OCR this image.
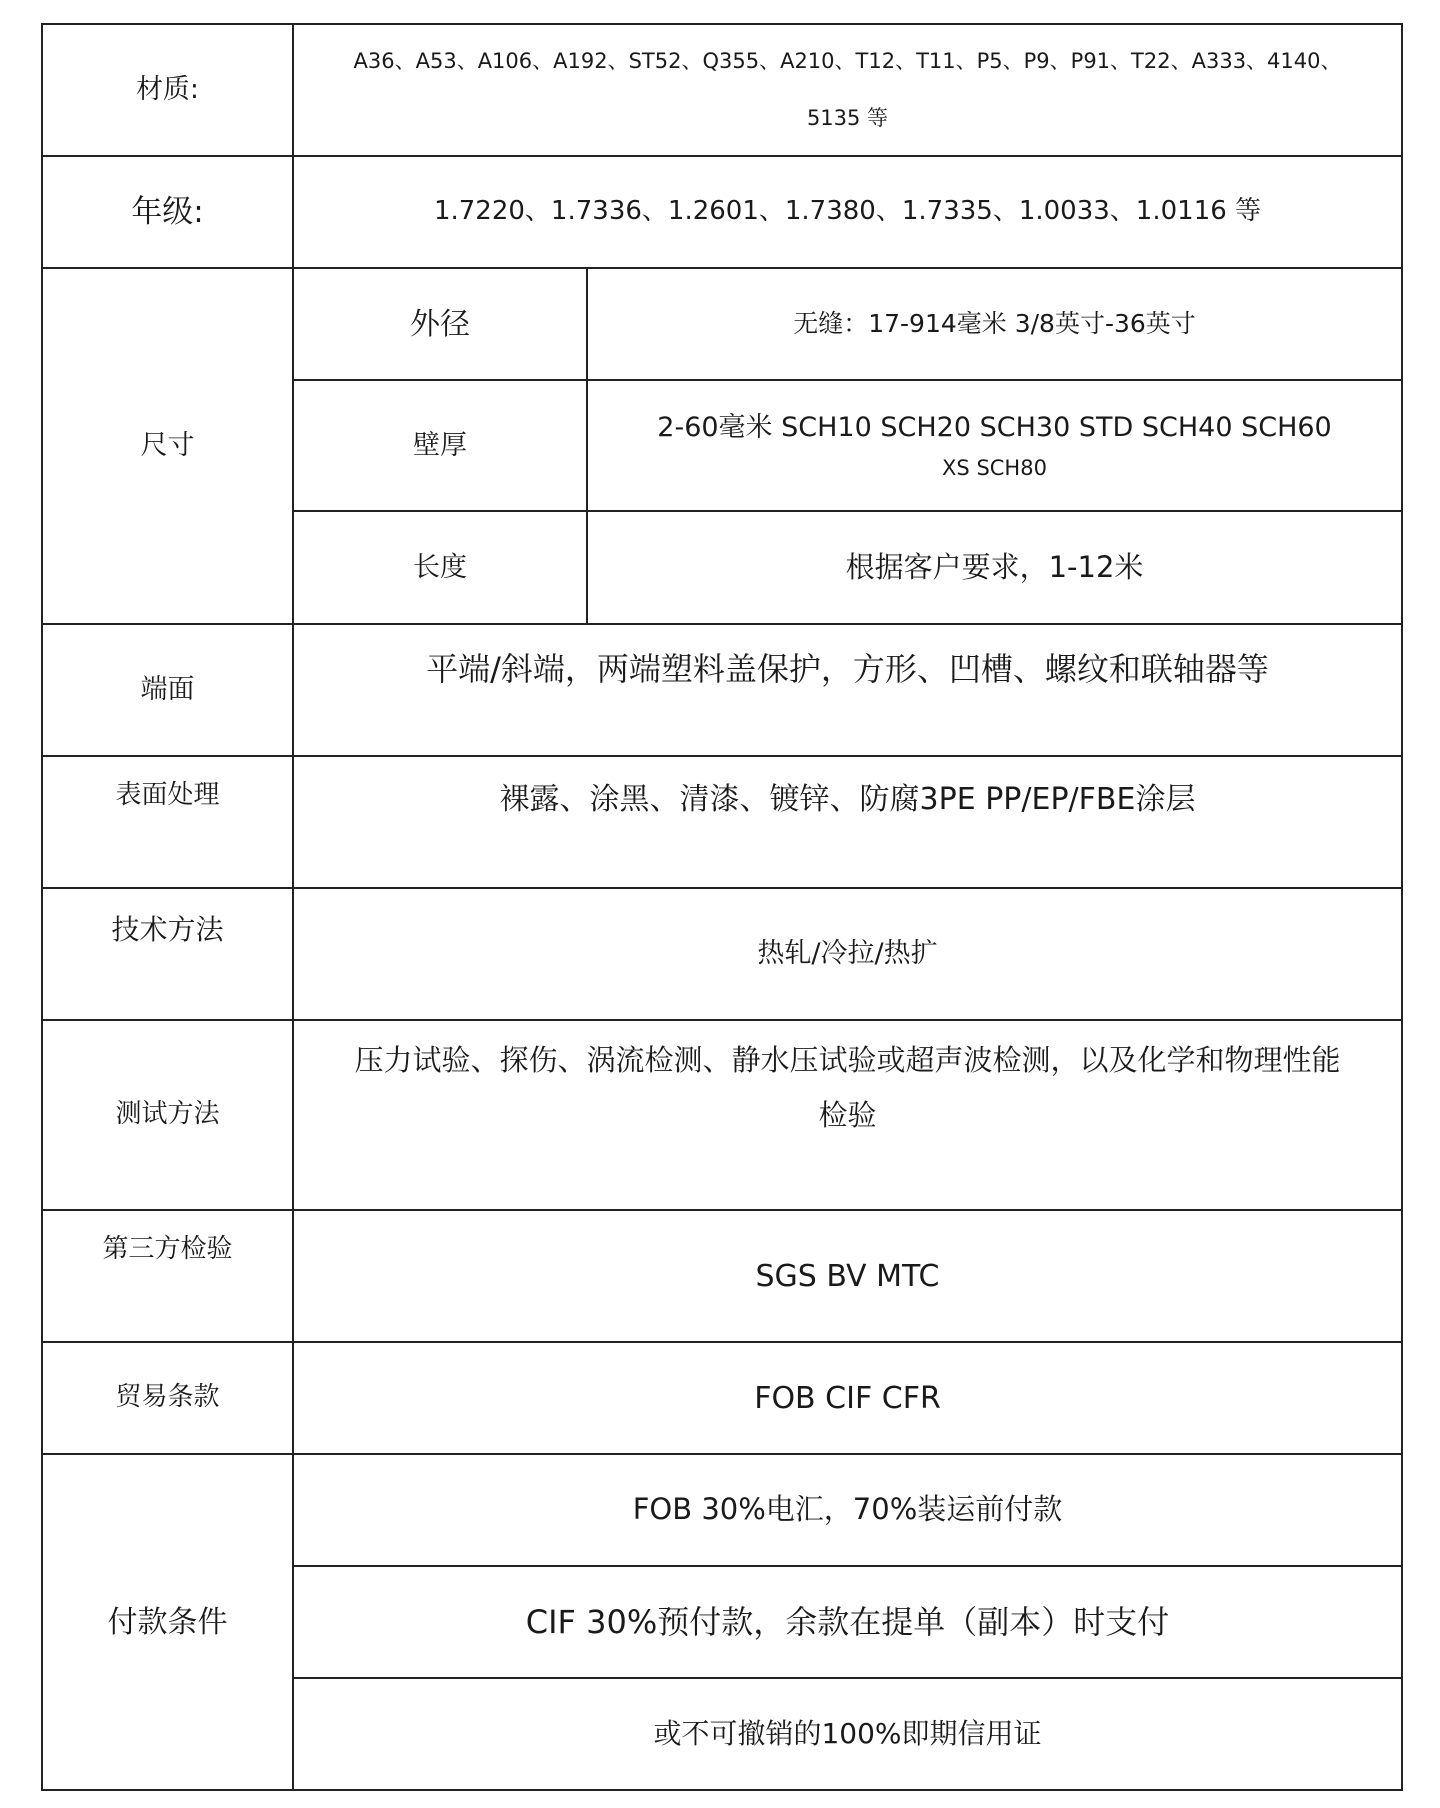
材质:	A36、A53、A106、A192、ST52、Q355、A210、T12、T11、P5、P9、P91、T22、A333、4140、5135 等	
年级:	1.7220、1.7336、1.2601、1.7380、1.7335、1.0033、1.0116 等	
尺寸	外径	无缝：17-914毫米 3/8英寸-36英寸
	壁厚	2-60毫米 SCH10 SCH20 SCH30 STD SCH40 SCH60
XS SCH80

	长度	根据客户要求，1-12米
端面	平端/斜端，两端塑料盖保护，方形、凹槽、螺纹和联轴器等	
表面处理	裸露、涂黑、清漆、镀锌、防腐3PE PP/EP/FBE涂层	
技术方法	热轧/冷拉/热扩	
测试方法	压力试验、探伤、涡流检测、静水压试验或超声波检测，以及化学和物理性能检验	
第三方检验	SGS BV MTC	
贸易条款	FOB CIF CFR	
付款条件	FOB 30%电汇，70%装运前付款	
	CIF 30%预付款，余款在提单（副本）时支付	
	或不可撤销的100%即期信用证	
